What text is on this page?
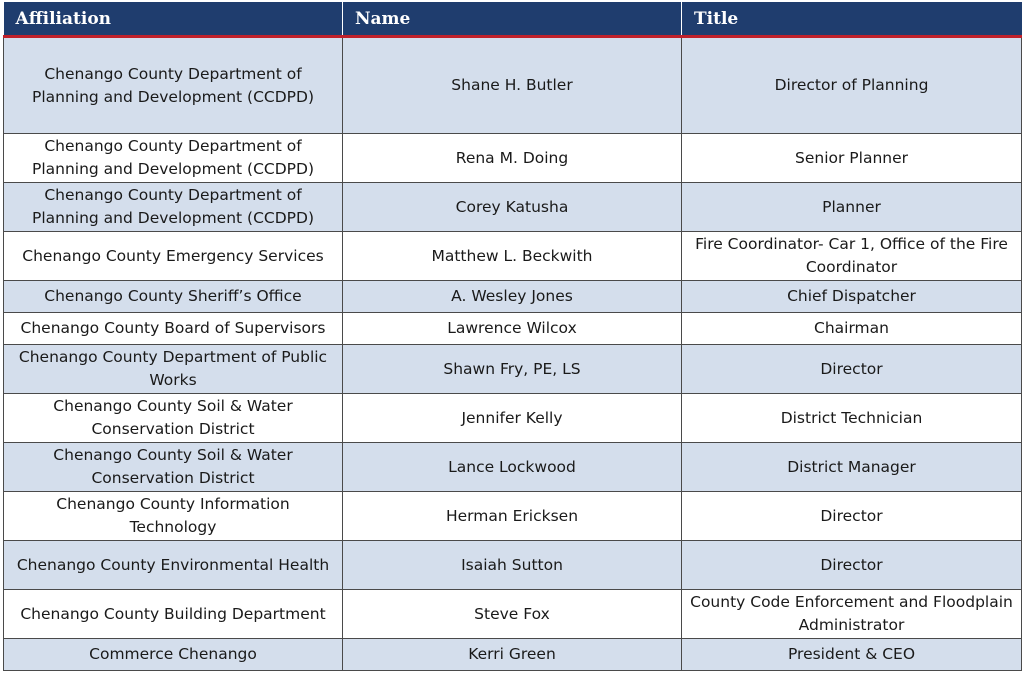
Affiliation	Name	Title
Chenango County Department of Planning and Development (CCDPD)	Shane H. Butler	Director of Planning
Chenango County Department of Planning and Development (CCDPD)	Rena M. Doing	Senior Planner
Chenango County Department of Planning and Development (CCDPD)	Corey Katusha	Planner
Chenango County Emergency Services	Matthew L. Beckwith	Fire Coordinator- Car 1, Office of the Fire Coordinator
Chenango County Sheriff’s Office	A. Wesley Jones	Chief Dispatcher
Chenango County Board of Supervisors	Lawrence Wilcox	Chairman
Chenango County Department of Public Works	Shawn Fry, PE, LS	Director
Chenango County Soil & Water Conservation District	Jennifer Kelly	District Technician
Chenango County Soil & Water Conservation District	Lance Lockwood	District Manager
Chenango County Information Technology	Herman Ericksen	Director
Chenango County Environmental Health	Isaiah Sutton	Director
Chenango County Building Department	Steve Fox	County Code Enforcement and Floodplain Administrator
Commerce Chenango	Kerri Green	President & CEO
